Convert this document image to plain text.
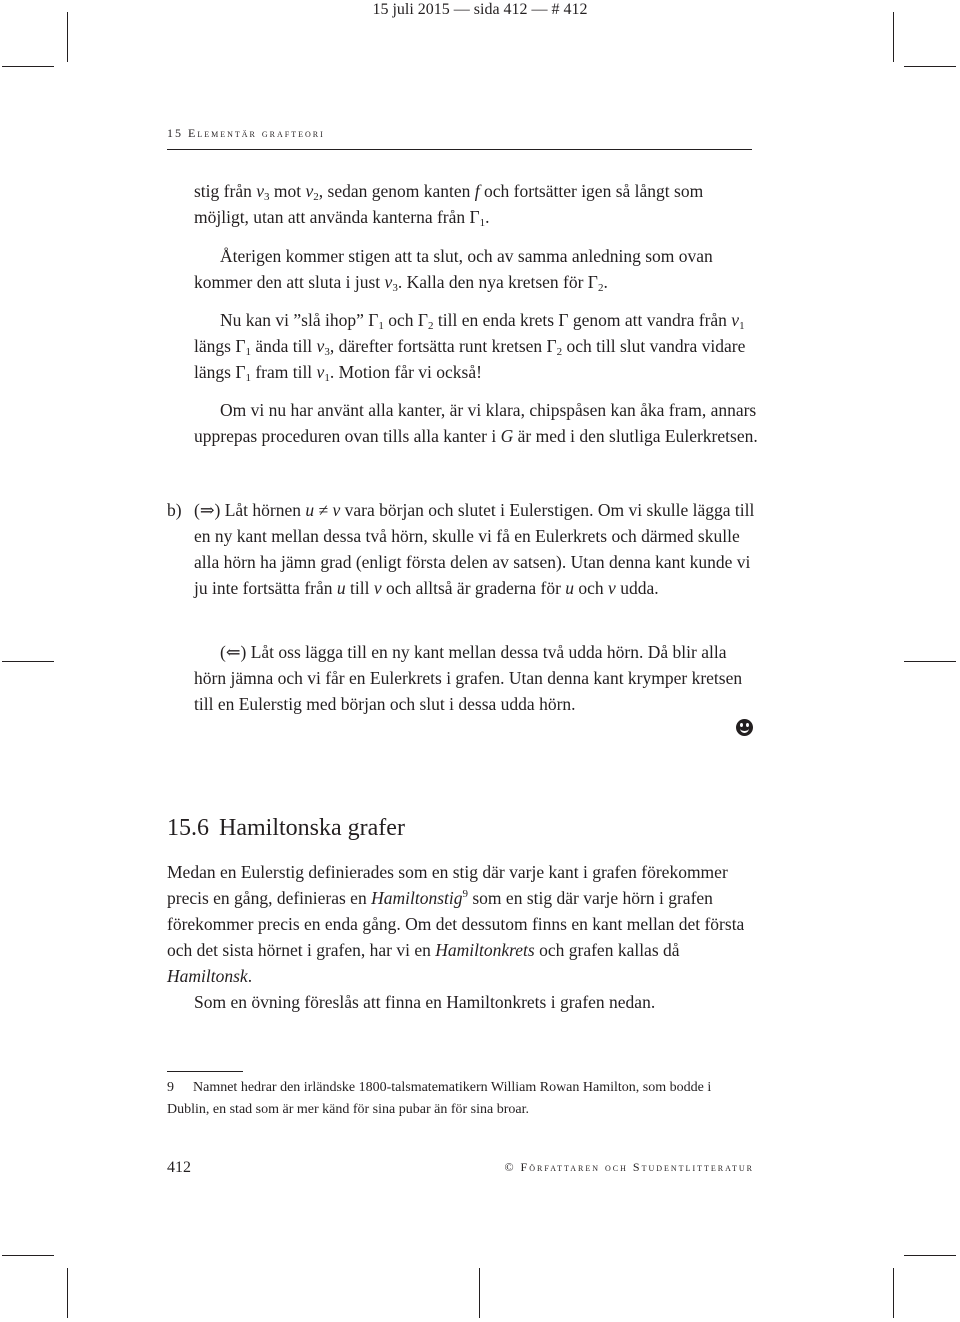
15 juli 2015 — sida 412 — # 412
15 Elementär grafteori

stig från $v_3$ mot $v_2$, sedan genom kanten f och fortsätter igen så långt som möjligt, utan att använda kanterna från $\Gamma_1$.

Återigen kommer stigen att ta slut, och av samma anledning som ovan kommer den att sluta i just $v_3$. Kalla den nya kretsen för $\Gamma_2$.

Nu kan vi ”slå ihop” $\Gamma_1$ och $\Gamma_2$ till en enda krets Γ genom att vandra från $v_1$ längs $\Gamma_1$ ända till $v_3$, därefter fortsätta runt kretsen $\Gamma_2$ och till slut vandra vidare längs $\Gamma_1$ fram till $v_1$. Motion får vi också!

Om vi nu har använt alla kanter, är vi klara, chipspåsen kan åka fram, annars upprepas proceduren ovan tills alla kanter i G är med i den slutliga Eulerkretsen.

b) (⇒) Låt hörnen u ≠ v vara början och slutet i Eulerstigen. Om vi skulle lägga till en ny kant mellan dessa två hörn, skulle vi få en Eulerkrets och därmed skulle alla hörn ha jämn grad (enligt första delen av satsen). Utan denna kant kunde vi ju inte fortsätta från u till v och alltså är graderna för u och v udda.

(⇐) Låt oss lägga till en ny kant mellan dessa två udda hörn. Då blir alla hörn jämna och vi får en Eulerkrets i grafen. Utan denna kant krymper kretsen till en Eulerstig med början och slut i dessa udda hörn.

15.6 Hamiltonska grafer

Medan en Eulerstig definierades som en stig där varje kant i grafen förekommer precis en gång, definieras en Hamiltonstig$^9$ som en stig där varje hörn i grafen förekommer precis en enda gång. Om det dessutom finns en kant mellan det första och det sista hörnet i grafen, har vi en Hamiltonkrets och grafen kallas då Hamiltonsk.

Som en övning föreslås att finna en Hamiltonkrets i grafen nedan.

9 Namnet hedrar den irländske 1800-talsmatematikern William Rowan Hamilton, som bodde i Dublin, en stad som är mer känd för sina pubar än för sina broar.

412	© Författaren och Studentlitteratur
